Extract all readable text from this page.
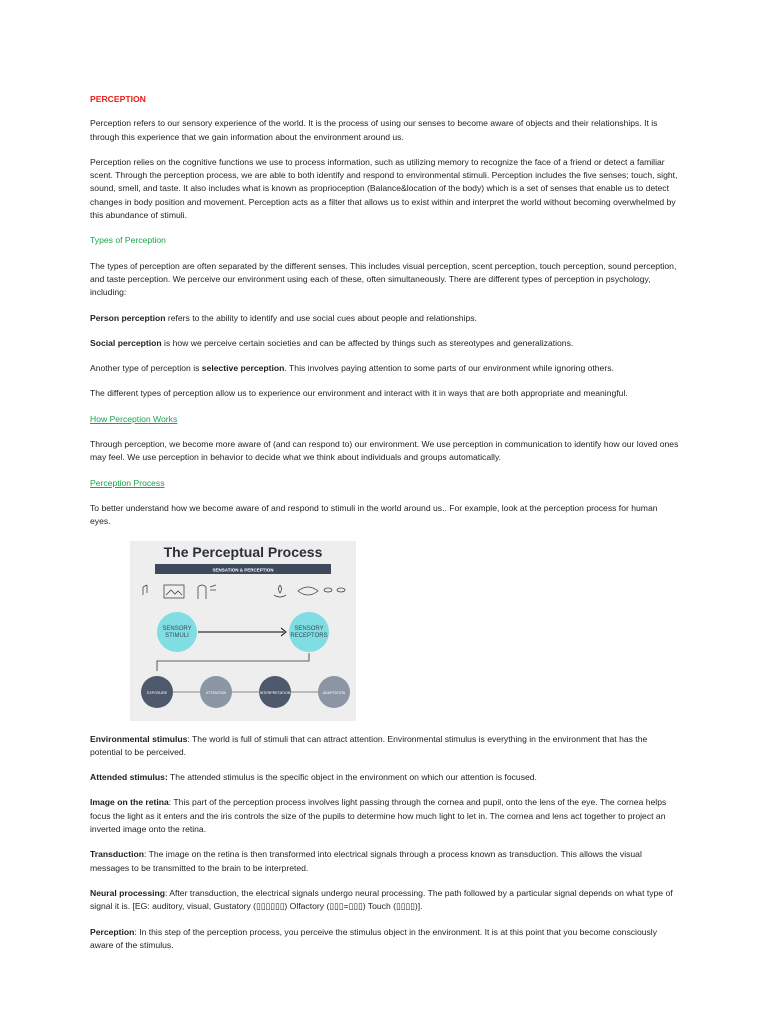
PERCEPTION

Perception refers to our sensory experience of the world. It is the process of using our senses to become aware of objects and their relationships. It is through this experience that we gain information about the environment around us.

Perception relies on the cognitive functions we use to process information, such as utilizing memory to recognize the face of a friend or detect a familiar scent. Through the perception process, we are able to both identify and respond to environmental stimuli. Perception includes the five senses; touch, sight, sound, smell, and taste. It also includes what is known as proprioception (Balance&location of the body) which is a set of senses that enable us to detect changes in body position and movement. Perception acts as a filter that allows us to exist within and interpret the world without becoming overwhelmed by this abundance of stimuli.

Types of Perception

The types of perception are often separated by the different senses. This includes visual perception, scent perception, touch perception, sound perception, and taste perception. We perceive our environment using each of these, often simultaneously. There are different types of perception in psychology, including:

Person perception refers to the ability to identify and use social cues about people and relationships.

Social perception is how we perceive certain societies and can be affected by things such as stereotypes and generalizations.

Another type of perception is selective perception. This involves paying attention to some parts of our environment while ignoring others.

The different types of perception allow us to experience our environment and interact with it in ways that are both appropriate and meaningful.

How Perception Works

Through perception, we become more aware of (and can respond to) our environment. We use perception in communication to identify how our loved ones may feel. We use perception in behavior to decide what we think about individuals and groups automatically.

Perception Process

To better understand how we become aware of and respond to stimuli in the world around us.. For example, look at the perception process for human eyes.

The Perceptual Process
SENSATION & PERCEPTION
SENSORY
STIMULI
SENSORY
RECEPTORS
EXPOSURE	ATTENTION	INTERPRETATION	ADAPTATION

Environmental stimulus: The world is full of stimuli that can attract attention. Environmental stimulus is everything in the environment that has the potential to be perceived.

Attended stimulus: The attended stimulus is the specific object in the environment on which our attention is focused.

Image on the retina: This part of the perception process involves light passing through the cornea and pupil, onto the lens of the eye. The cornea helps focus the light as it enters and the iris controls the size of the pupils to determine how much light to let in. The cornea and lens act together to project an inverted image onto the retina.

Transduction: The image on the retina is then transformed into electrical signals through a process known as transduction. This allows the visual messages to be transmitted to the brain to be interpreted.

Neural processing: After transduction, the electrical signals undergo neural processing. The path followed by a particular signal depends on what type of signal it is. [EG: auditory, visual, Gustatory (▯▯▯▯▯▯) Olfactory (▯▯▯=▯▯▯) Touch (▯▯▯▯)].

Perception: In this step of the perception process, you perceive the stimulus object in the environment. It is at this point that you become consciously aware of the stimulus.
